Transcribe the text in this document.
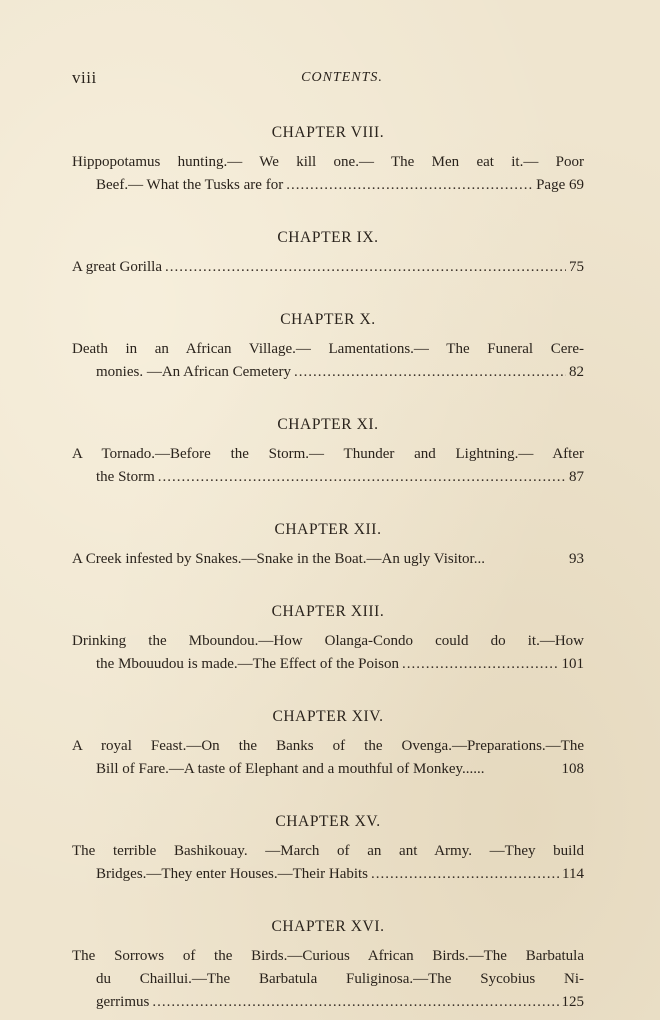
viii	CONTENTS.
CHAPTER VIII.
Hippopotamus hunting.— We kill one.— The Men eat it.— Poor
Beef.— What the Tusks are for .....	Page 69
CHAPTER IX.
A great Gorilla .....	75
CHAPTER X.
Death in an African Village.— Lamentations.— The Funeral Cere-
monies. —An African Cemetery .....	82
CHAPTER XI.
A Tornado.—Before the Storm.— Thunder and Lightning.— After
the Storm .....	87
CHAPTER XII.
A Creek infested by Snakes.—Snake in the Boat.—An ugly Visitor...	93
CHAPTER XIII.
Drinking the Mboundou.—How Olanga-Condo could do it.—How
the Mbouudou is made.—The Effect of the Poison .....	101
CHAPTER XIV.
A royal Feast.—On the Banks of the Ovenga.—Preparations.—The
Bill of Fare.—A taste of Elephant and a mouthful of Monkey......	108
CHAPTER XV.
The terrible Bashikouay. —March of an ant Army. —They build
Bridges.—They enter Houses.—Their Habits .....	114
CHAPTER XVI.
The Sorrows of the Birds.—Curious African Birds.—The Barbatula
du Chaillui.—The Barbatula Fuliginosa.—The Sycobius Ni-
gerrimus .....	125
